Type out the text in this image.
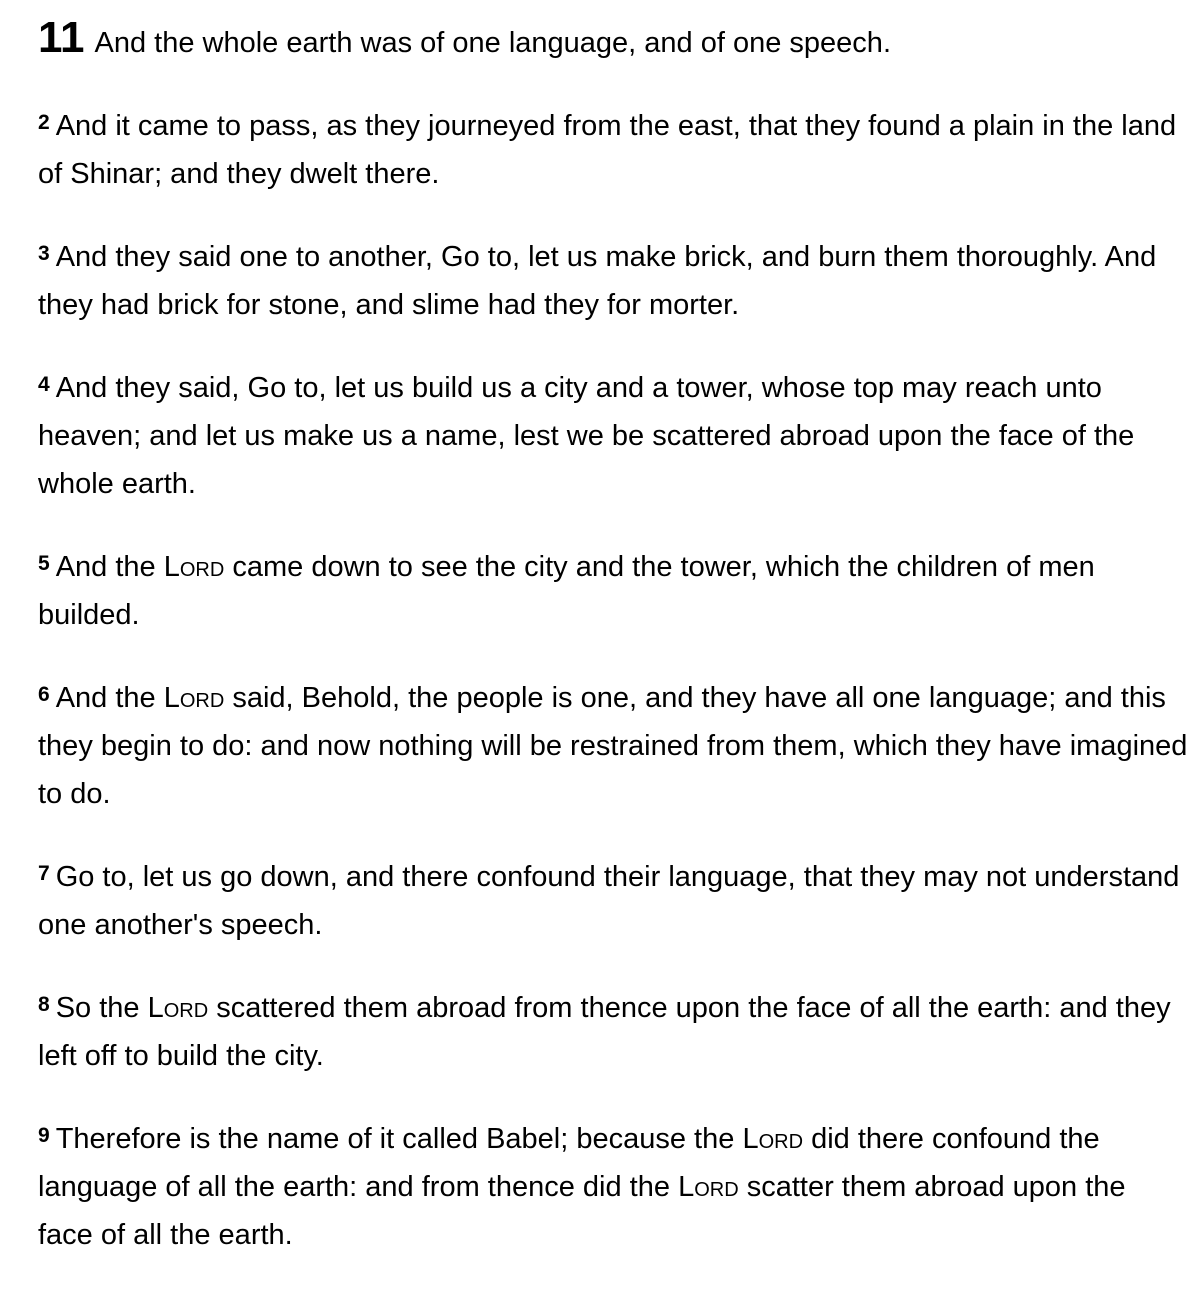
11 And the whole earth was of one language, and of one speech.

$^2$ And it came to pass, as they journeyed from the east, that they found a plain in the land of Shinar; and they dwelt there.

$^3$ And they said one to another, Go to, let us make brick, and burn them thoroughly. And they had brick for stone, and slime had they for morter.

$^4$ And they said, Go to, let us build us a city and a tower, whose top may reach unto heaven; and let us make us a name, lest we be scattered abroad upon the face of the whole earth.

$^5$ And the Lord came down to see the city and the tower, which the children of men builded.

$^6$ And the Lord said, Behold, the people is one, and they have all one language; and this they begin to do: and now nothing will be restrained from them, which they have imagined to do.

$^7$ Go to, let us go down, and there confound their language, that they may not understand one another's speech.

$^8$ So the Lord scattered them abroad from thence upon the face of all the earth: and they left off to build the city.

$^9$ Therefore is the name of it called Babel; because the Lord did there confound the language of all the earth: and from thence did the Lord scatter them abroad upon the face of all the earth.
